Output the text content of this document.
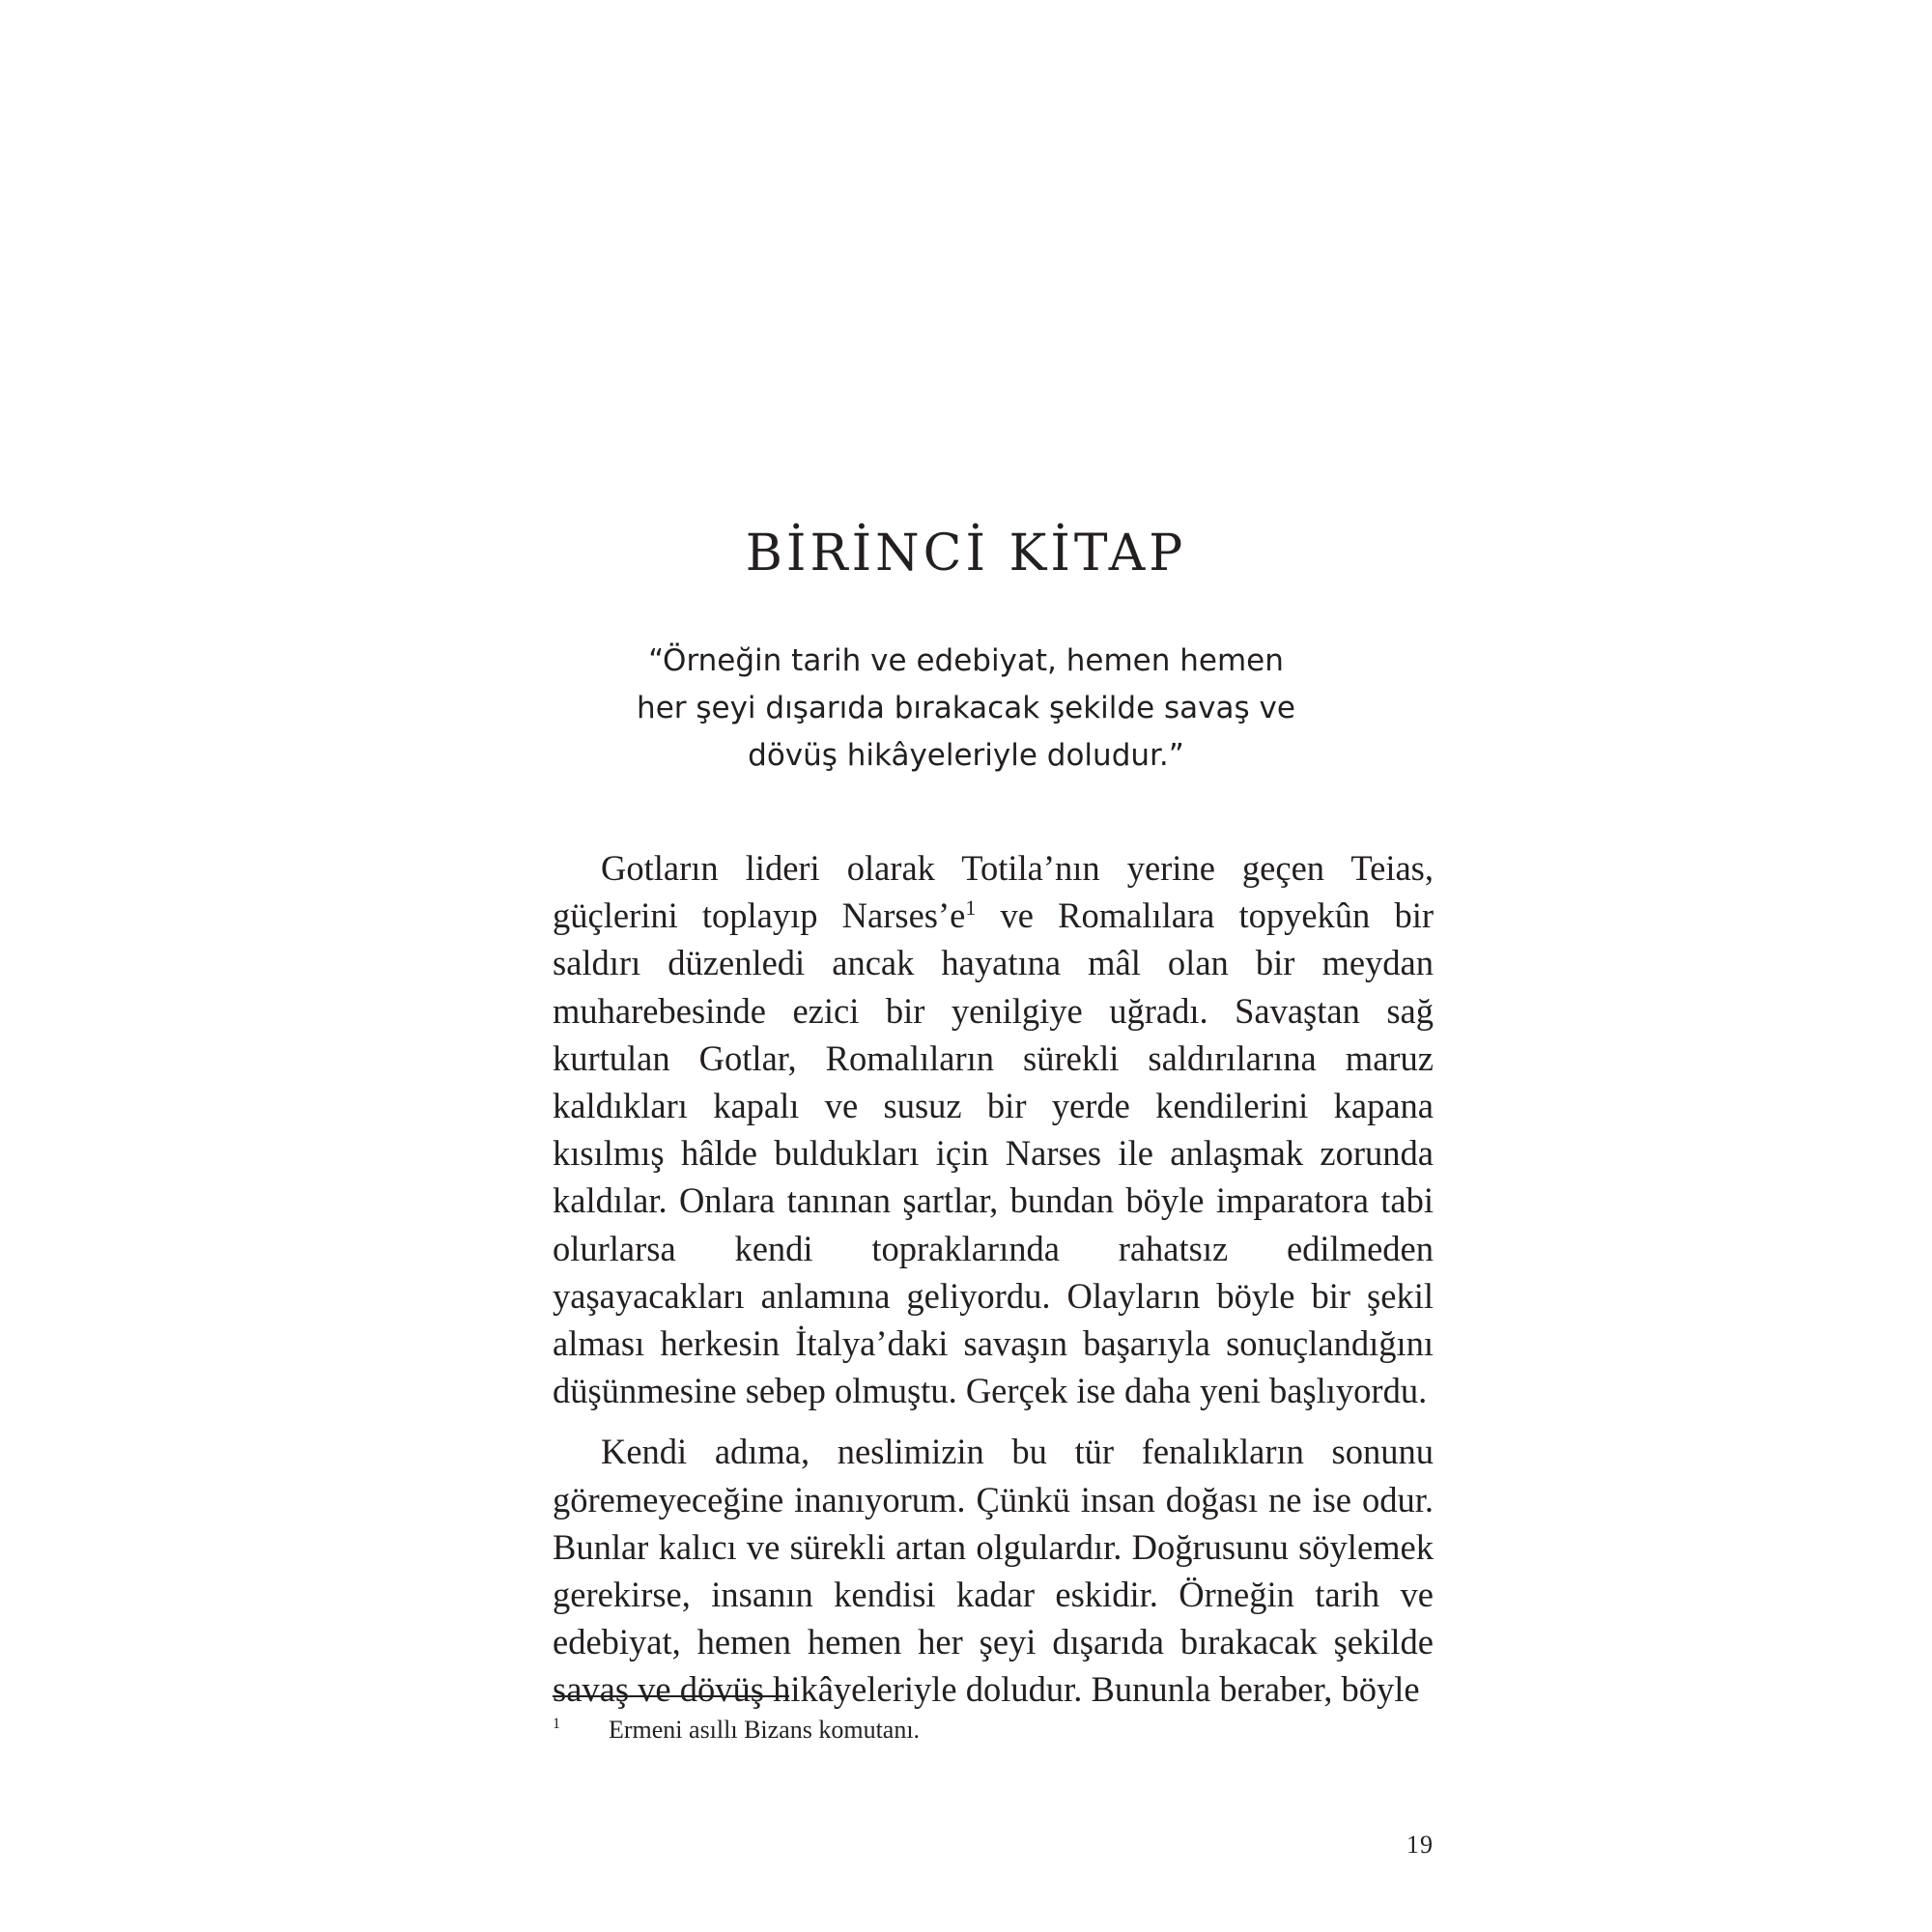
BİRİNCİ KİTAP
“Örneğin tarih ve edebiyat, hemen hemen
her şeyi dışarıda bırakacak şekilde savaş ve
dövüş hikâyeleriyle doludur.”

Gotların lideri olarak Totila’nın yerine geçen Teias, güçlerini toplayıp Narses’e$^1$ ve Romalılara topyekûn bir saldırı düzenledi ancak hayatına mâl olan bir meydan muharebesinde ezici bir yenilgiye uğradı. Savaştan sağ kurtulan Gotlar, Romalıların sürekli saldırılarına maruz kaldıkları kapalı ve susuz bir yerde kendilerini kapana kısılmış hâlde buldukları için Narses ile anlaşmak zorunda kaldılar. Onlara tanınan şartlar, bundan böyle imparatora tabi olurlarsa kendi topraklarında rahatsız edilmeden yaşayacakları anlamına geliyordu. Olayların böyle bir şekil alması herkesin İtalya’daki savaşın başarıyla sonuçlandığını düşünmesine sebep olmuştu. Gerçek ise daha yeni başlıyordu.

Kendi adıma, neslimizin bu tür fenalıkların sonunu göremeyeceğine inanıyorum. Çünkü insan doğası ne ise odur. Bunlar kalıcı ve sürekli artan olgulardır. Doğrusunu söylemek gerekirse, insanın kendisi kadar eskidir. Örneğin tarih ve edebiyat, hemen hemen her şeyi dışarıda bırakacak şekilde savaş ve dövüş hikâyeleriyle doludur. Bununla beraber, böyle

1 Ermeni asıllı Bizans komutanı.
19
